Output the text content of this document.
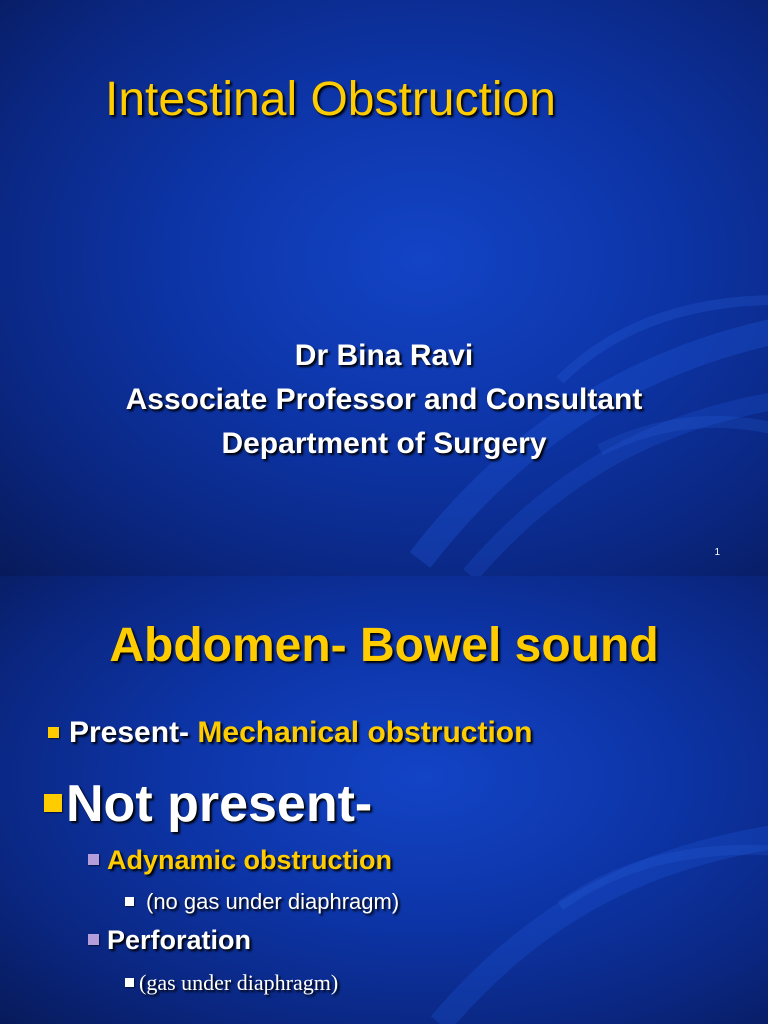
Intestinal Obstruction
Dr Bina Ravi
Associate Professor and Consultant
Department of Surgery
1
Abdomen- Bowel sound
Present- Mechanical obstruction
Not present-
Adynamic obstruction
(no gas under diaphragm)
Perforation
(gas under diaphragm)
